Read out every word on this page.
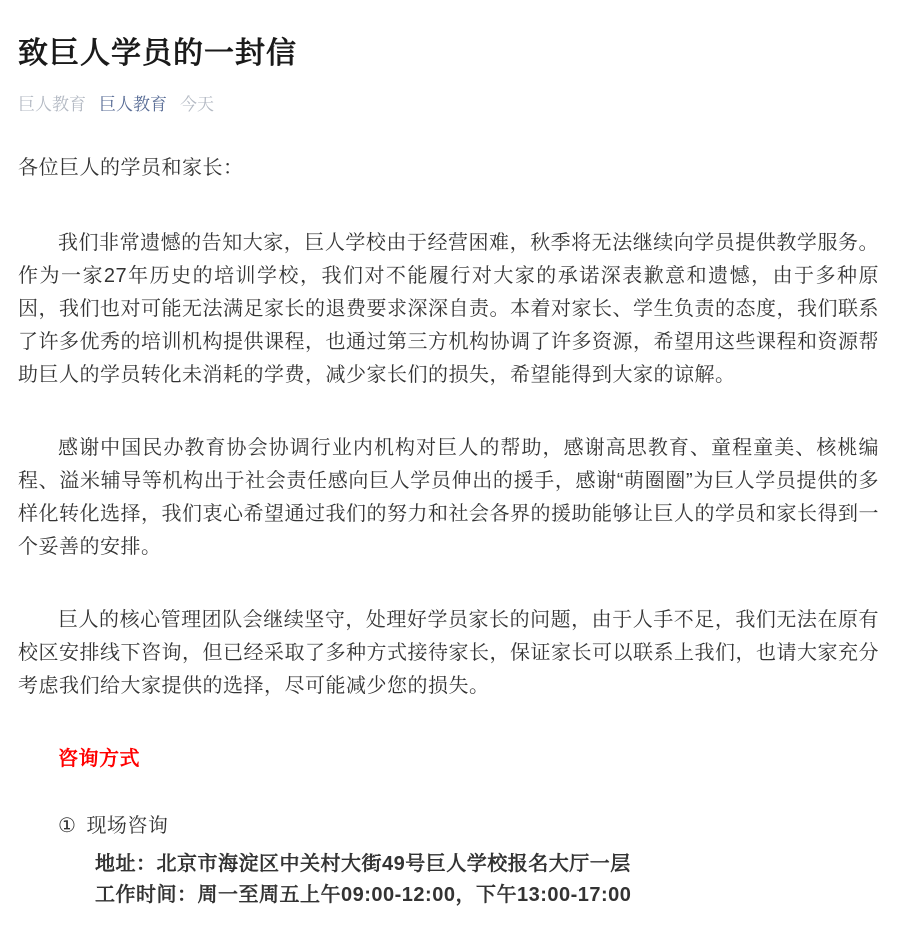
致巨人学员的一封信
巨人教育 巨人教育 今天

各位巨人的学员和家长：

我们非常遗憾的告知大家，巨人学校由于经营困难，秋季将无法继续向学员提供教学服务。作为一家27年历史的培训学校，我们对不能履行对大家的承诺深表歉意和遗憾，由于多种原因，我们也对可能无法满足家长的退费要求深深自责。本着对家长、学生负责的态度，我们联系了许多优秀的培训机构提供课程，也通过第三方机构协调了许多资源，希望用这些课程和资源帮助巨人的学员转化未消耗的学费，减少家长们的损失，希望能得到大家的谅解。

感谢中国民办教育协会协调行业内机构对巨人的帮助，感谢高思教育、童程童美、核桃编程、溢米辅导等机构出于社会责任感向巨人学员伸出的援手，感谢“萌圈圈”为巨人学员提供的多样化转化选择，我们衷心希望通过我们的努力和社会各界的援助能够让巨人的学员和家长得到一个妥善的安排。

巨人的核心管理团队会继续坚守，处理好学员家长的问题，由于人手不足，我们无法在原有校区安排线下咨询，但已经采取了多种方式接待家长，保证家长可以联系上我们，也请大家充分考虑我们给大家提供的选择，尽可能减少您的损失。

咨询方式

① 现场咨询
地址：北京市海淀区中关村大街49号巨人学校报名大厅一层
工作时间：周一至周五上午09:00-12:00，下午13:00-17:00
